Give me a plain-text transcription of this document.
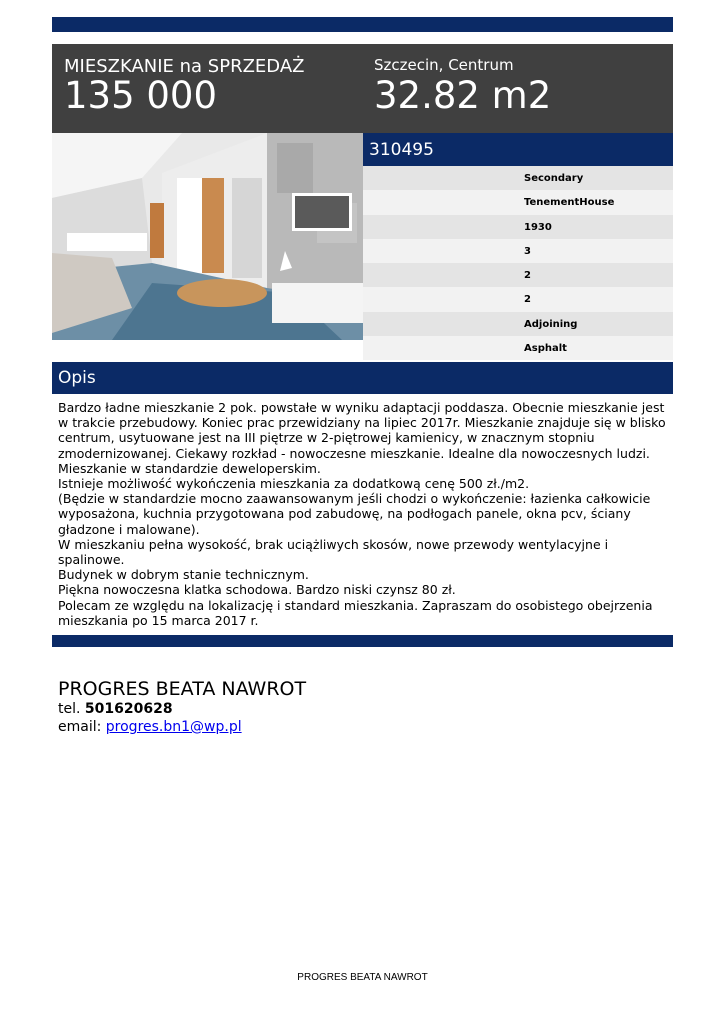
MIESZKANIE na SPRZEDAŻ
135 000
Szczecin, Centrum
32.82 m2
310495
Secondary
TenementHouse
1930
3
2
2
Adjoining
Asphalt
Opis

Bardzo ładne mieszkanie 2 pok. powstałe w wyniku adaptacji poddasza. Obecnie mieszkanie jest w trakcie przebudowy. Koniec prac przewidziany na lipiec 2017r. Mieszkanie znajduje się w blisko centrum, usytuowane jest na III piętrze w 2-piętrowej kamienicy, w znacznym stopniu zmodernizowanej. Ciekawy rozkład - nowoczesne mieszkanie. Idealne dla nowoczesnych ludzi.

Mieszkanie w standardzie deweloperskim.

Istnieje możliwość wykończenia mieszkania za dodatkową cenę 500 zł./m2.

(Będzie w standardzie mocno zaawansowanym jeśli chodzi o wykończenie: łazienka całkowicie wyposażona, kuchnia przygotowana pod zabudowę, na podłogach panele, okna pcv, ściany gładzone i malowane).

W mieszkaniu pełna wysokość, brak uciążliwych skosów, nowe przewody wentylacyjne i spalinowe.

Budynek w dobrym stanie technicznym.

Piękna nowoczesna klatka schodowa. Bardzo niski czynsz 80 zł.

Polecam ze względu na lokalizację i standard mieszkania. Zapraszam do osobistego obejrzenia mieszkania po 15 marca 2017 r.

PROGRES BEATA NAWROT
tel. 501620628
email: progres.bn1@wp.pl
PROGRES BEATA NAWROT
